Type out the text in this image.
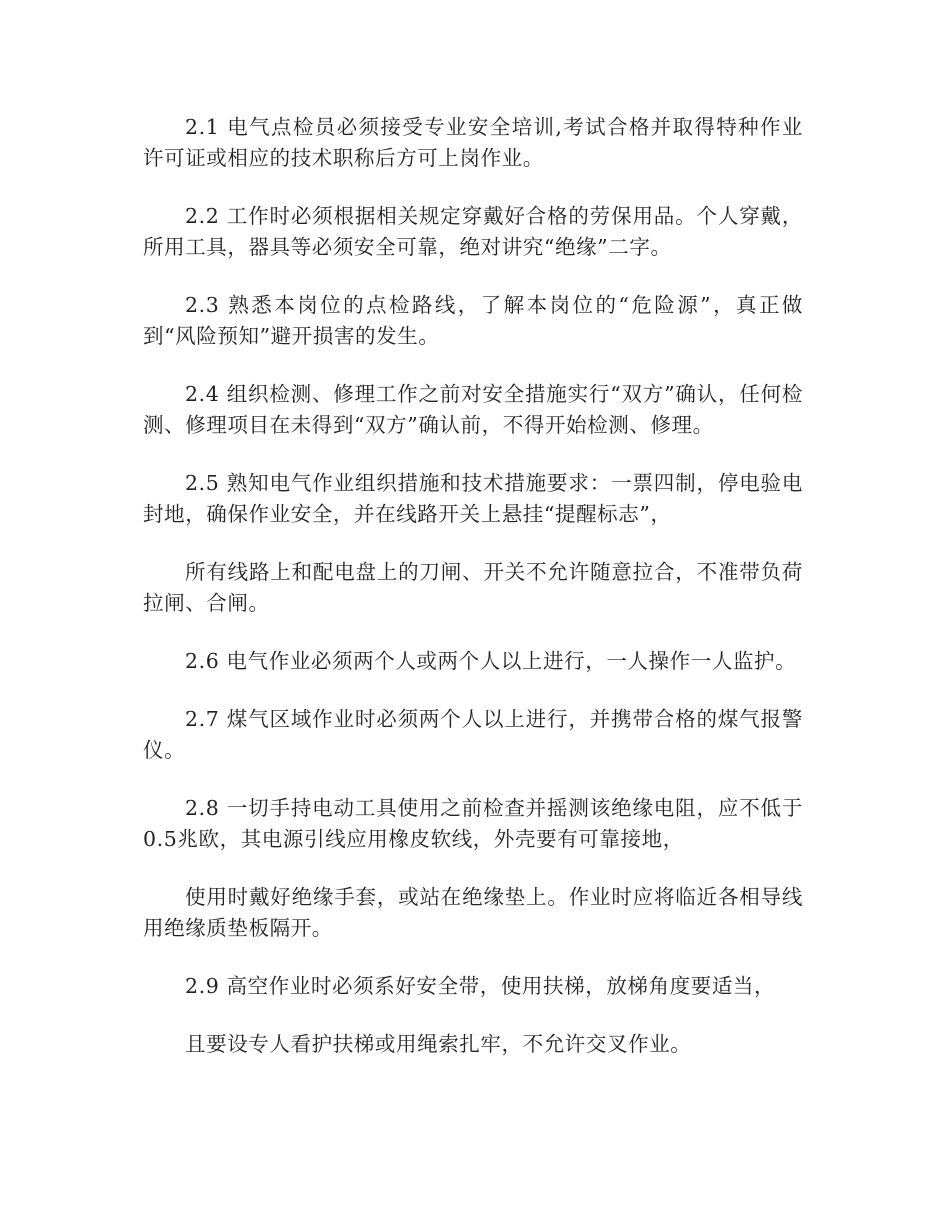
2.1 电气点检员必须接受专业安全培训,考试合格并取得特种作业许可证或相应的技术职称后方可上岗作业。

2.2 工作时必须根据相关规定穿戴好合格的劳保用品。个人穿戴，所用工具，器具等必须安全可靠，绝对讲究“绝缘”二字。

2.3 熟悉本岗位的点检路线，了解本岗位的“危险源”，真正做到“风险预知”避开损害的发生。

2.4 组织检测、修理工作之前对安全措施实行“双方”确认，任何检测、修理项目在未得到“双方”确认前，不得开始检测、修理。

2.5 熟知电气作业组织措施和技术措施要求：一票四制，停电验电封地，确保作业安全，并在线路开关上悬挂“提醒标志”，

所有线路上和配电盘上的刀闸、开关不允许随意拉合，不准带负荷拉闸、合闸。

2.6 电气作业必须两个人或两个人以上进行，一人操作一人监护。

2.7 煤气区域作业时必须两个人以上进行，并携带合格的煤气报警仪。

2.8 一切手持电动工具使用之前检查并摇测该绝缘电阻，应不低于0.5兆欧，其电源引线应用橡皮软线，外壳要有可靠接地，

使用时戴好绝缘手套，或站在绝缘垫上。作业时应将临近各相导线用绝缘质垫板隔开。

2.9 高空作业时必须系好安全带，使用扶梯，放梯角度要适当，

且要设专人看护扶梯或用绳索扎牢，不允许交叉作业。
